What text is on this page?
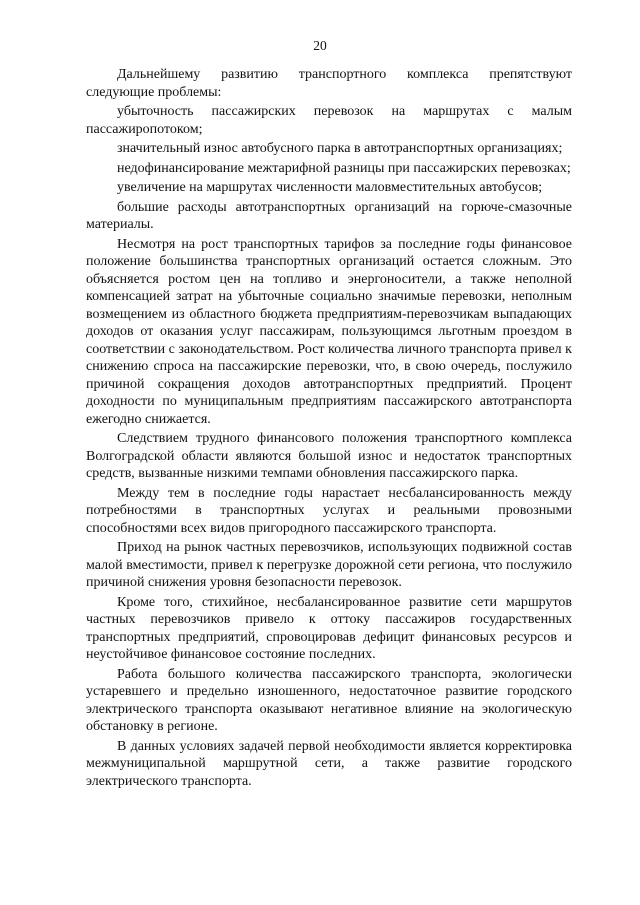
20

Дальнейшему развитию транспортного комплекса препятствуют следующие проблемы:

убыточность пассажирских перевозок на маршрутах с малым пассажиропотоком;

значительный износ автобусного парка в автотранспортных организациях;

недофинансирование межтарифной разницы при пассажирских перевозках;

увеличение на маршрутах численности маловместительных автобусов;

большие расходы автотранспортных организаций на горюче-смазочные материалы.

Несмотря на рост транспортных тарифов за последние годы финансовое положение большинства транспортных организаций остается сложным. Это объясняется ростом цен на топливо и энергоносители, а также неполной компенсацией затрат на убыточные социально значимые перевозки, неполным возмещением из областного бюджета предприятиям-перевозчикам выпадающих доходов от оказания услуг пассажирам, пользующимся льготным проездом в соответствии с законодательством. Рост количества личного транспорта привел к снижению спроса на пассажирские перевозки, что, в свою очередь, послужило причиной сокращения доходов автотранспортных предприятий. Процент доходности по муниципальным предприятиям пассажирского автотранспорта ежегодно снижается.

Следствием трудного финансового положения транспортного комплекса Волгоградской области являются большой износ и недостаток транспортных средств, вызванные низкими темпами обновления пассажирского парка.

Между тем в последние годы нарастает несбалансированность между потребностями в транспортных услугах и реальными провозными способностями всех видов пригородного пассажирского транспорта.

Приход на рынок частных перевозчиков, использующих подвижной состав малой вместимости, привел к перегрузке дорожной сети региона, что послужило причиной снижения уровня безопасности перевозок.

Кроме того, стихийное, несбалансированное развитие сети маршрутов частных перевозчиков привело к оттоку пассажиров государственных транспортных предприятий, спровоцировав дефицит финансовых ресурсов и неустойчивое финансовое состояние последних.

Работа большого количества пассажирского транспорта, экологически устаревшего и предельно изношенного, недостаточное развитие городского электрического транспорта оказывают негативное влияние на экологическую обстановку в регионе.

В данных условиях задачей первой необходимости является корректировка межмуниципальной маршрутной сети, а также развитие городского электрического транспорта.
